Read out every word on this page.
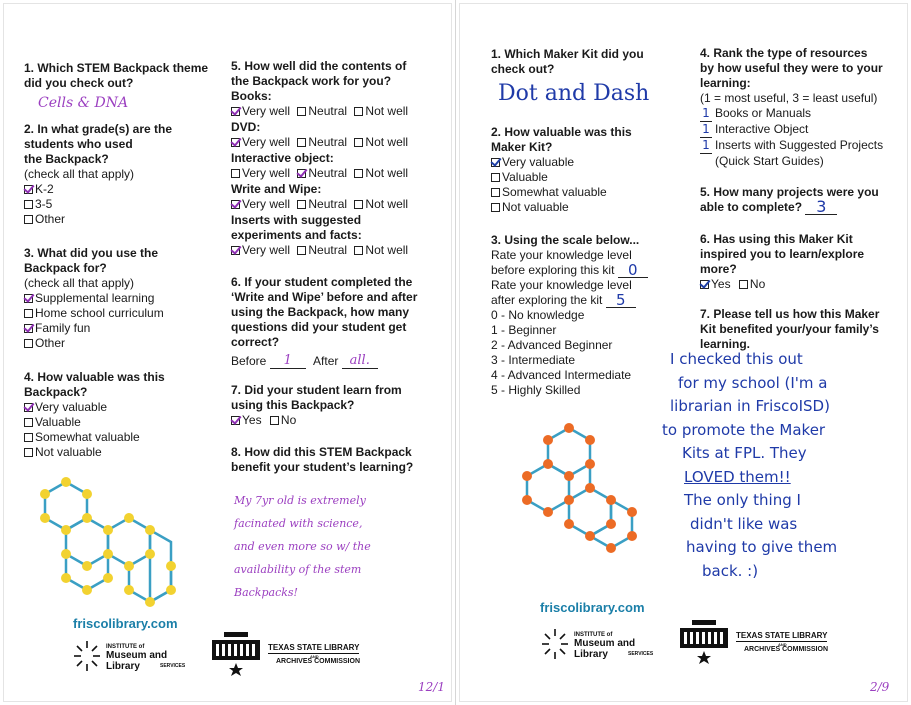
1. Which STEM Backpack theme
did you check out?
Cells & DNA
2. In what grade(s) are the
students who used
the Backpack?
(check all that apply)
K-2
3-5
Other
3. What did you use the
Backpack for?
(check all that apply)
Supplemental learning
Home school curriculum
Family fun
Other
4. How valuable was this
Backpack?
Very valuable
Valuable
Somewhat valuable
Not valuable
5. How well did the contents of
the Backpack work for you?
Books:
Very well
Neutral
Not well
DVD:
Very well
Neutral
Not well
Interactive object:
Very well
Neutral
Not well
Write and Wipe:
Very well
Neutral
Not well
Inserts with suggested
experiments and facts:
Very well
Neutral
Not well
6. If your student completed the
‘Write and Wipe’ before and after
using the Backpack, how many
questions did your student get
correct?
Before 1 After all.
7. Did your student learn from
using this Backpack?
Yes
No
8. How did this STEM Backpack
benefit your student’s learning?
My 7yr old is extremely
facinated with science,
and even more so w/ the
availability of the stem
Backpacks!
friscolibrary.com
INSTITUTE of
Museum and Library	SERVICES
TEXAS STATE LIBRARY
AND
ARCHIVES COMMISSION
12/1
1. Which Maker Kit did you
check out?
Dot and Dash
2. How valuable was this
Maker Kit?
Very valuable
Valuable
Somewhat valuable
Not valuable
3. Using the scale below...
Rate your knowledge level
before exploring this kit 0
Rate your knowledge level
after exploring the kit 5
0 - No knowledge
1 - Beginner
2 - Advanced Beginner
3 - Intermediate
4 - Advanced Intermediate
5 - Highly Skilled
4. Rank the type of resources
by how useful they were to your
learning:
(1 = most useful, 3 = least useful)
1 Books or Manuals
1 Interactive Object
1 Inserts with Suggested Projects
(Quick Start Guides)
5. How many projects were you
able to complete? 3
6. Has using this Maker Kit
inspired you to learn/explore
more?
Yes
No
7. Please tell us how this Maker
Kit benefited your/your family’s
learning.
I checked this out
for my school (I'm a
librarian in FriscoISD)
to promote the Maker
Kits at FPL. They
LOVED them!!
The only thing I
didn't like was
having to give them
back. :)
friscolibrary.com
INSTITUTE of
Museum and Library	SERVICES
TEXAS STATE LIBRARY
AND
ARCHIVES COMMISSION
2/9
